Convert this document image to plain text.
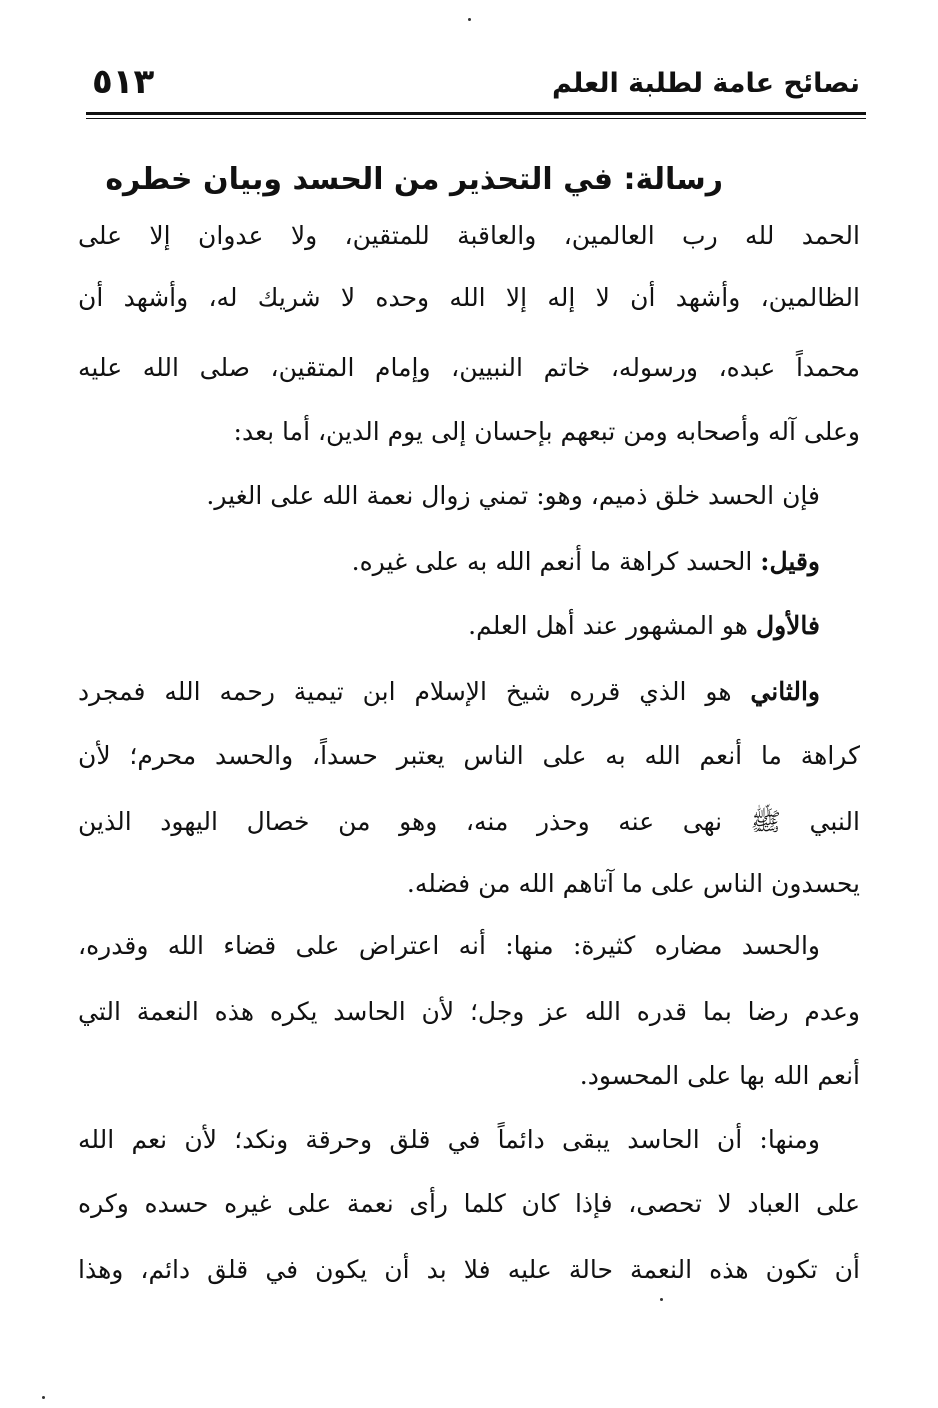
نصائح عامة لطلبة العلم
٥١٣
رسالة: في التحذير من الحسد وبيان خطره
الحمد لله رب العالمين، والعاقبة للمتقين، ولا عدوان إلا على
الظالمين، وأشهد أن لا إله إلا الله وحده لا شريك له، وأشهد أن
محمداً عبده، ورسوله، خاتم النبيين، وإمام المتقين، صلى الله عليه
وعلى آله وأصحابه ومن تبعهم بإحسان إلى يوم الدين، أما بعد:
فإن الحسد خلق ذميم، وهو: تمني زوال نعمة الله على الغير.
وقيل: الحسد كراهة ما أنعم الله به على غيره.
فالأول هو المشهور عند أهل العلم.
والثاني هو الذي قرره شيخ الإسلام ابن تيمية رحمه الله فمجرد
كراهة ما أنعم الله به على الناس يعتبر حسداً، والحسد محرم؛ لأن
النبي ﷺ نهى عنه وحذر منه، وهو من خصال اليهود الذين
يحسدون الناس على ما آتاهم الله من فضله.
والحسد مضاره كثيرة: منها: أنه اعتراض على قضاء الله وقدره،
وعدم رضا بما قدره الله عز وجل؛ لأن الحاسد يكره هذه النعمة التي
أنعم الله بها على المحسود.
ومنها: أن الحاسد يبقى دائماً في قلق وحرقة ونكد؛ لأن نعم الله
على العباد لا تحصى، فإذا كان كلما رأى نعمة على غيره حسده وكره
أن تكون هذه النعمة حالة عليه فلا بد أن يكون في قلق دائم، وهذا
